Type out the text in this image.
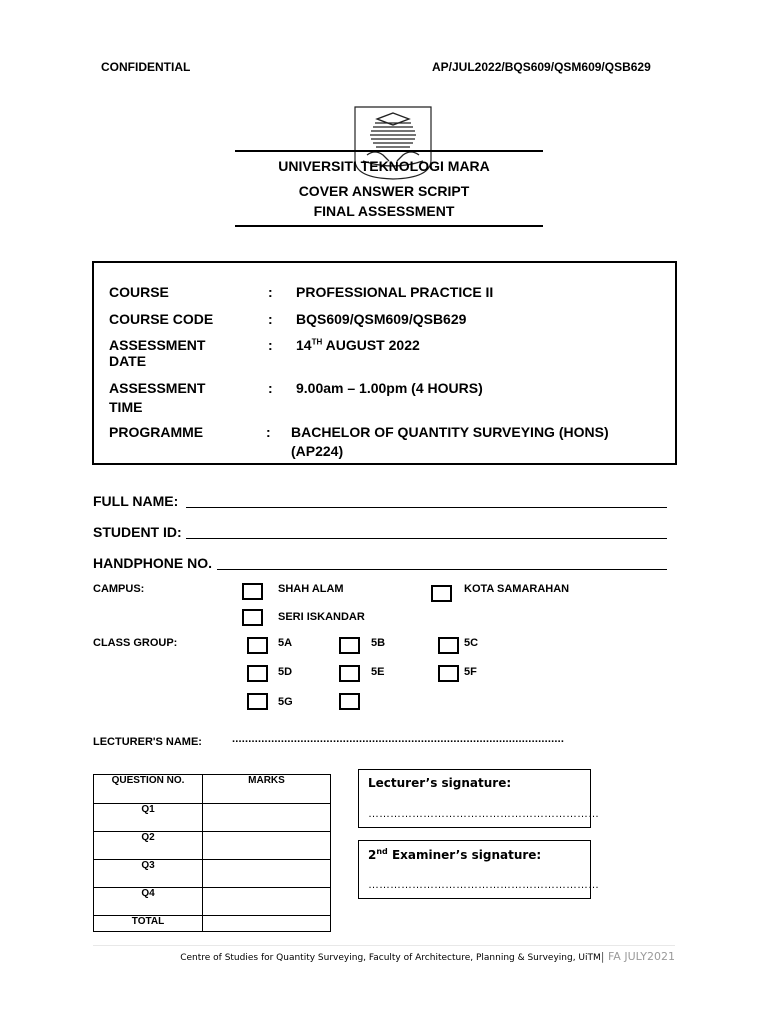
CONFIDENTIAL	AP/JUL2022/BQS609/QSM609/QSB629
UNIVERSITI TEKNOLOGI MARA
COVER ANSWER SCRIPT
FINAL ASSESSMENT
COURSE	: PROFESSIONAL PRACTICE II
COURSE CODE	: BQS609/QSM609/QSB629
ASSESSMENT
DATE
: 14TH AUGUST 2022
ASSESSMENT
TIME
: 9.00am – 1.00pm (4 HOURS)
PROGRAMME	: BACHELOR OF QUANTITY SURVEYING (HONS)
(AP224)
FULL NAME:
STUDENT ID:
HANDPHONE NO.
CAMPUS:	SHAH ALAM	KOTA SAMARAHAN
SERI ISKANDAR
CLASS GROUP:	5A	5B	5C
5D	5E	5F
5G
LECTURER'S NAME:	......................................................................................................
QUESTION NO.	MARKS
Q1	
Q2	
Q3	
Q4	
TOTAL	
Lecturer’s signature:
………………………………………………………
2nd Examiner’s signature:
………………………………………………………
Centre of Studies for Quantity Surveying, Faculty of Architecture, Planning & Surveying, UiTM| FA JULY2021
